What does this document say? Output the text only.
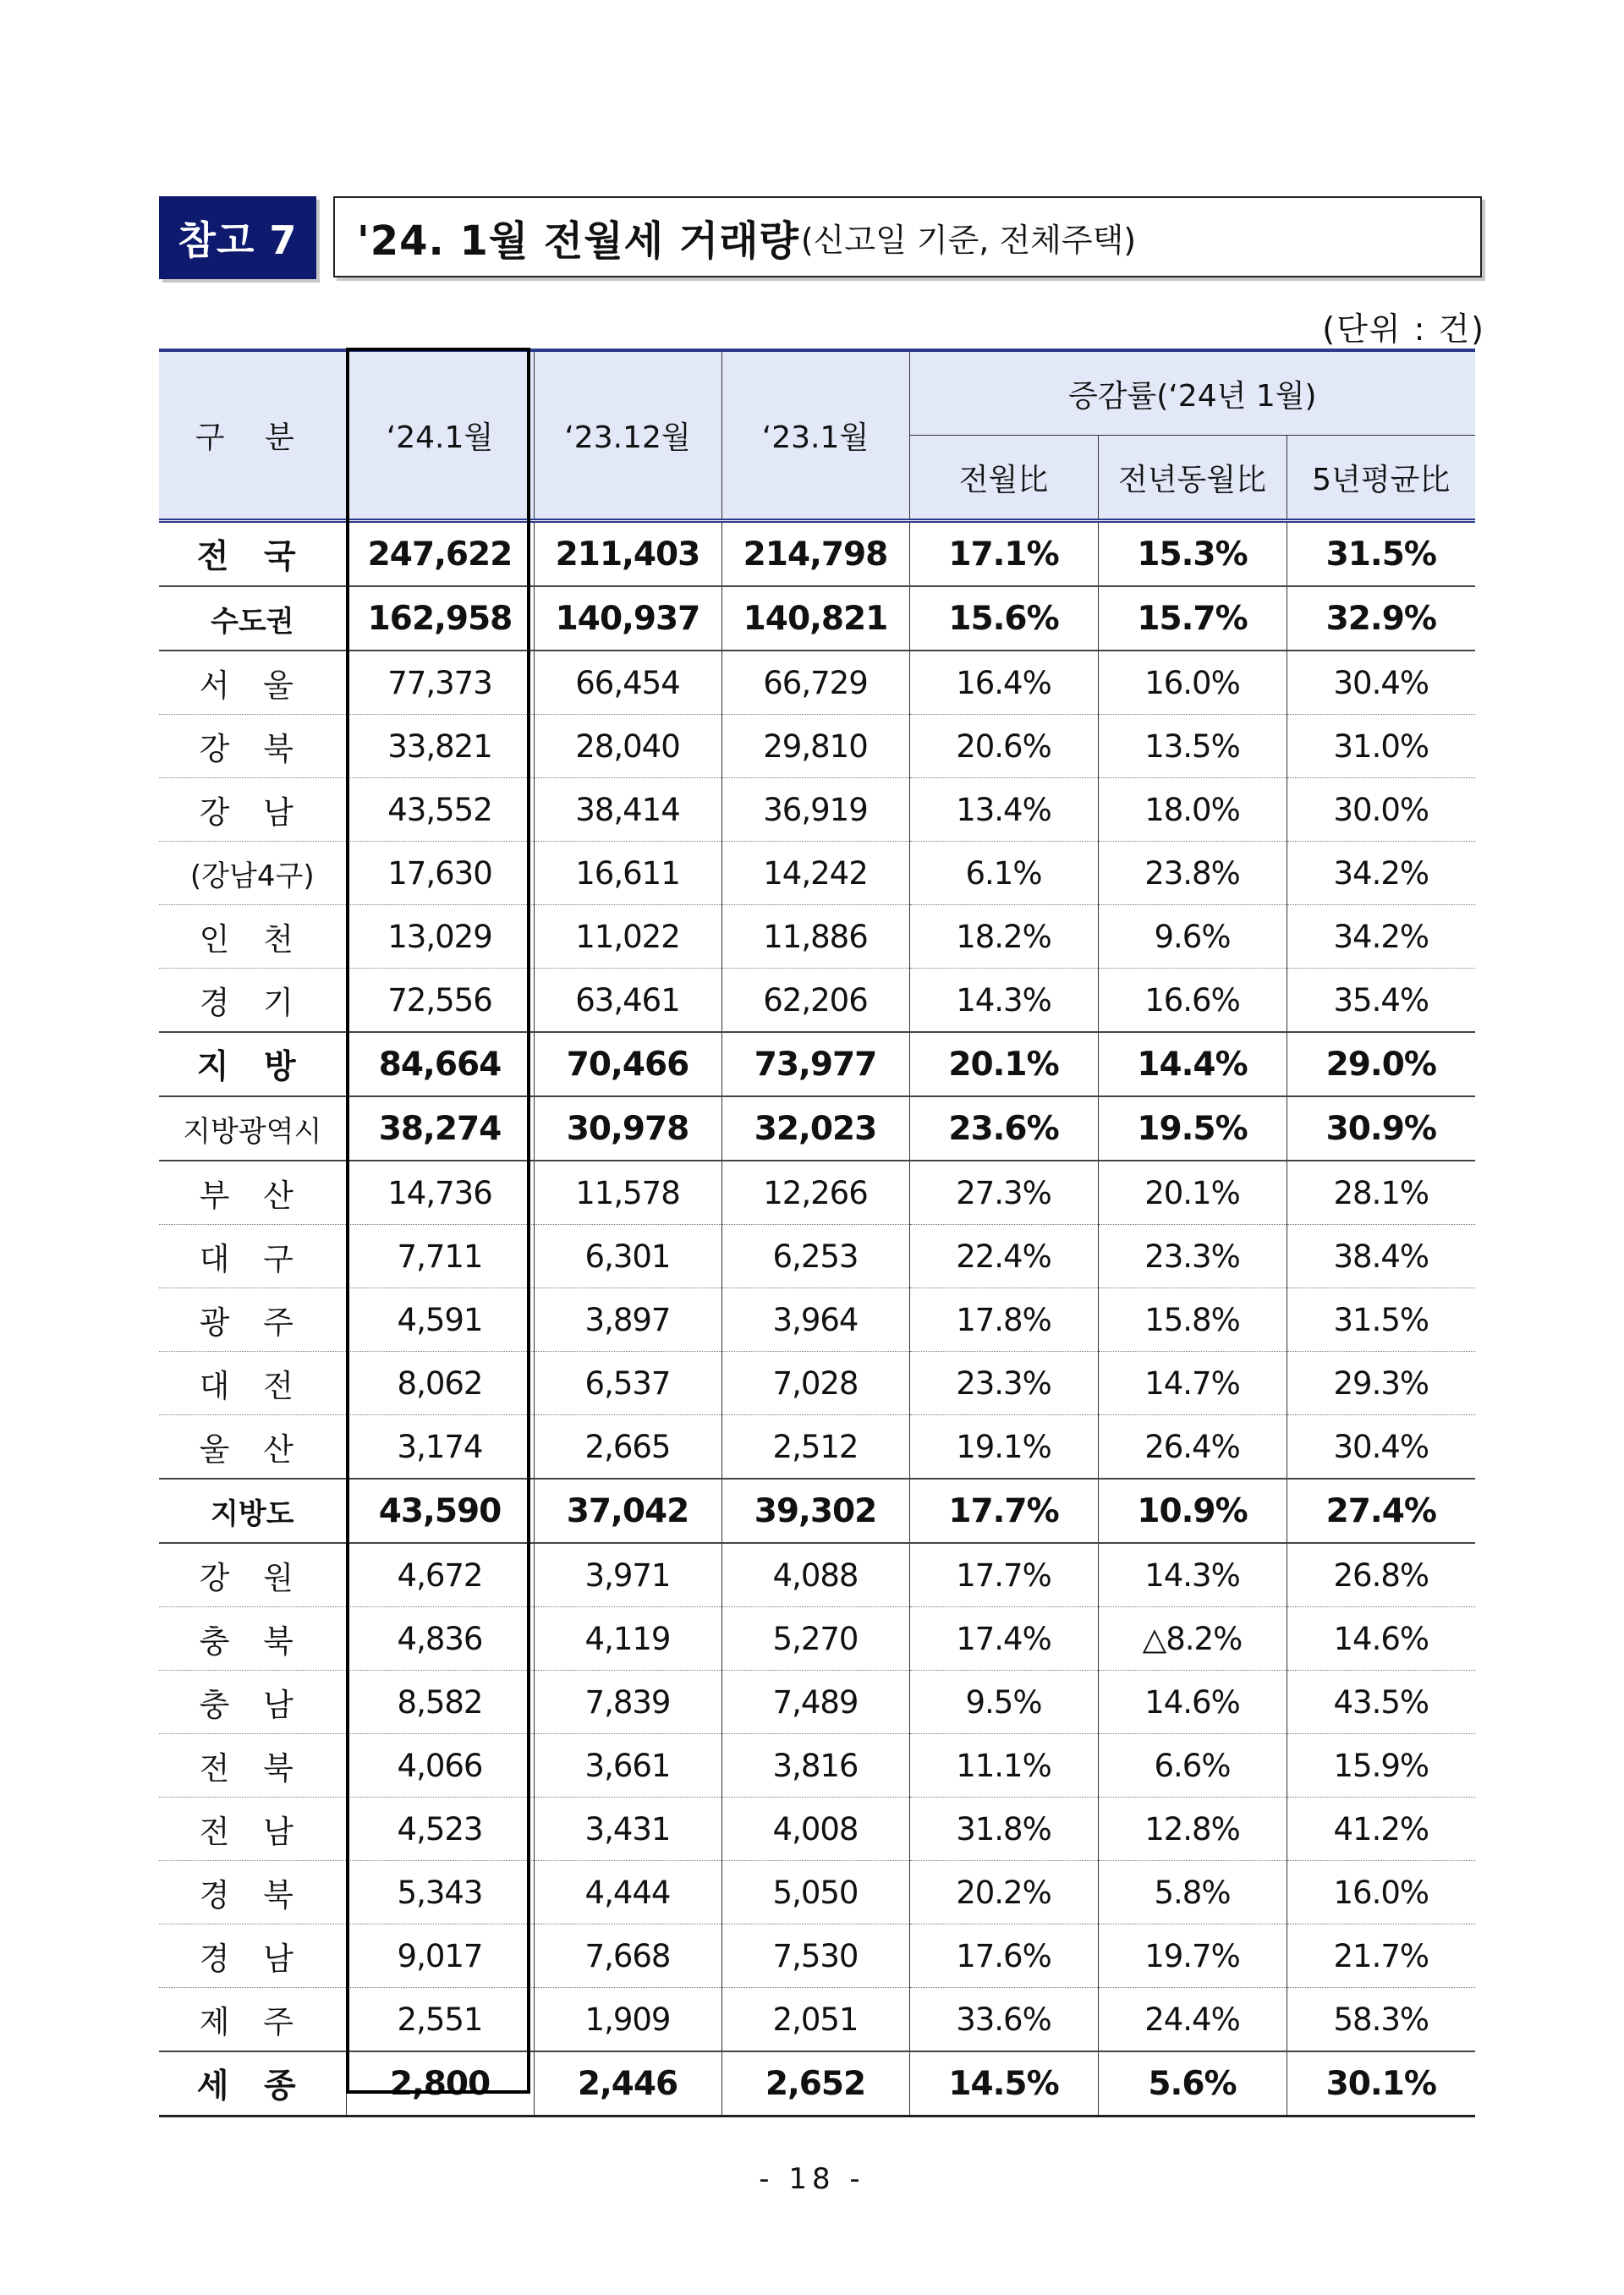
참고 7 '24. 1월 전월세 거래량 (신고일 기준, 전체주택)
(단위 : 건)
구 분	‘24.1월	‘23.12월	‘23.1월	증감률(‘24년 1월)		
				전월比	전년동월比	5년평균比
전 국	247,622	211,403	214,798	17.1%	15.3%	31.5%
수도권	162,958	140,937	140,821	15.6%	15.7%	32.9%
서 울	77,373	66,454	66,729	16.4%	16.0%	30.4%
강 북	33,821	28,040	29,810	20.6%	13.5%	31.0%
강 남	43,552	38,414	36,919	13.4%	18.0%	30.0%
(강남4구)	17,630	16,611	14,242	6.1%	23.8%	34.2%
인 천	13,029	11,022	11,886	18.2%	9.6%	34.2%
경 기	72,556	63,461	62,206	14.3%	16.6%	35.4%
지 방	84,664	70,466	73,977	20.1%	14.4%	29.0%
지방광역시	38,274	30,978	32,023	23.6%	19.5%	30.9%
부 산	14,736	11,578	12,266	27.3%	20.1%	28.1%
대 구	7,711	6,301	6,253	22.4%	23.3%	38.4%
광 주	4,591	3,897	3,964	17.8%	15.8%	31.5%
대 전	8,062	6,537	7,028	23.3%	14.7%	29.3%
울 산	3,174	2,665	2,512	19.1%	26.4%	30.4%
지방도	43,590	37,042	39,302	17.7%	10.9%	27.4%
강 원	4,672	3,971	4,088	17.7%	14.3%	26.8%
충 북	4,836	4,119	5,270	17.4%	△8.2%	14.6%
충 남	8,582	7,839	7,489	9.5%	14.6%	43.5%
전 북	4,066	3,661	3,816	11.1%	6.6%	15.9%
전 남	4,523	3,431	4,008	31.8%	12.8%	41.2%
경 북	5,343	4,444	5,050	20.2%	5.8%	16.0%
경 남	9,017	7,668	7,530	17.6%	19.7%	21.7%
제 주	2,551	1,909	2,051	33.6%	24.4%	58.3%
세 종	2,800	2,446	2,652	14.5%	5.6%	30.1%
- 18 -
